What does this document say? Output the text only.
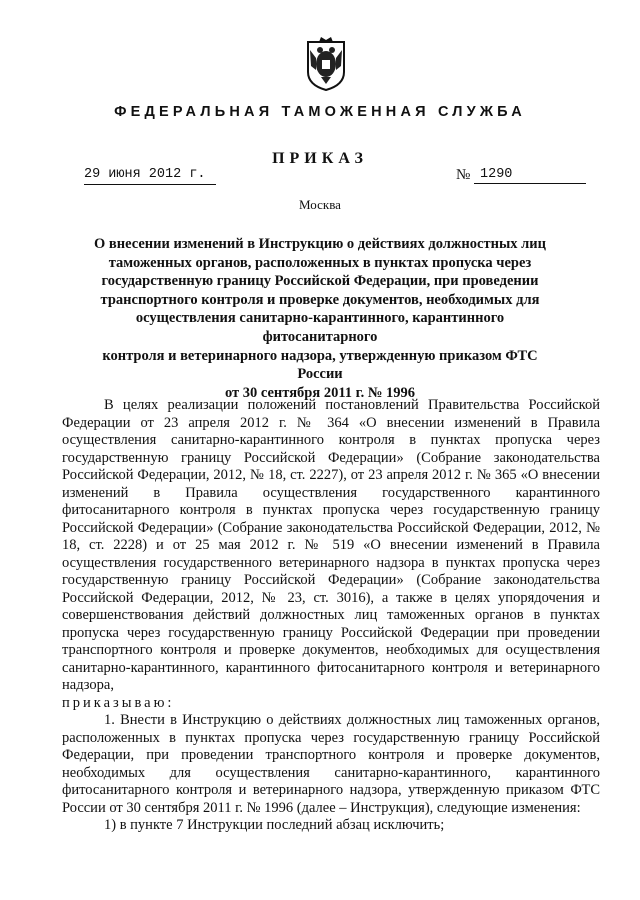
ФЕДЕРАЛЬНАЯ ТАМОЖЕННАЯ СЛУЖБА
ПРИКАЗ
29 июня 2012 г.	№ 1290
Москва
О внесении изменений в Инструкцию о действиях должностных лиц
таможенных органов, расположенных в пунктах пропуска через
государственную границу Российской Федерации, при проведении
транспортного контроля и проверке документов, необходимых для
осуществления санитарно-карантинного, карантинного фитосанитарного
контроля и ветеринарного надзора, утвержденную приказом ФТС России
от 30 сентября 2011 г. № 1996

В целях реализации положений постановлений Правительства Российской Федерации от 23 апреля 2012 г. № 364 «О внесении изменений в Правила осуществления санитарно-карантинного контроля в пунктах пропуска через государственную границу Российской Федерации» (Собрание законодательства Российской Федерации, 2012, № 18, ст. 2227), от 23 апреля 2012 г. № 365 «О внесении изменений в Правила осуществления государственного карантинного фитосанитарного контроля в пунктах пропуска через государственную границу Российской Федерации» (Собрание законодательства Российской Федерации, 2012, № 18, ст. 2228) и от 25 мая 2012 г. № 519 «О внесении изменений в Правила осуществления государственного ветеринарного надзора в пунктах пропуска через государственную границу Российской Федерации» (Собрание законодательства Российской Федерации, 2012, № 23, ст. 3016), а также в целях упорядочения и совершенствования действий должностных лиц таможенных органов в пунктах пропуска через государственную границу Российской Федерации при проведении транспортного контроля и проверке документов, необходимых для осуществления санитарно-карантинного, карантинного фитосанитарного контроля и ветеринарного надзора,

приказываю:

1. Внести в Инструкцию о действиях должностных лиц таможенных органов, расположенных в пунктах пропуска через государственную границу Российской Федерации, при проведении транспортного контроля и проверке документов, необходимых для осуществления санитарно-карантинного, карантинного фитосанитарного контроля и ветеринарного надзора, утвержденную приказом ФТС России от 30 сентября 2011 г. № 1996 (далее – Инструкция), следующие изменения:

1) в пункте 7 Инструкции последний абзац исключить;
